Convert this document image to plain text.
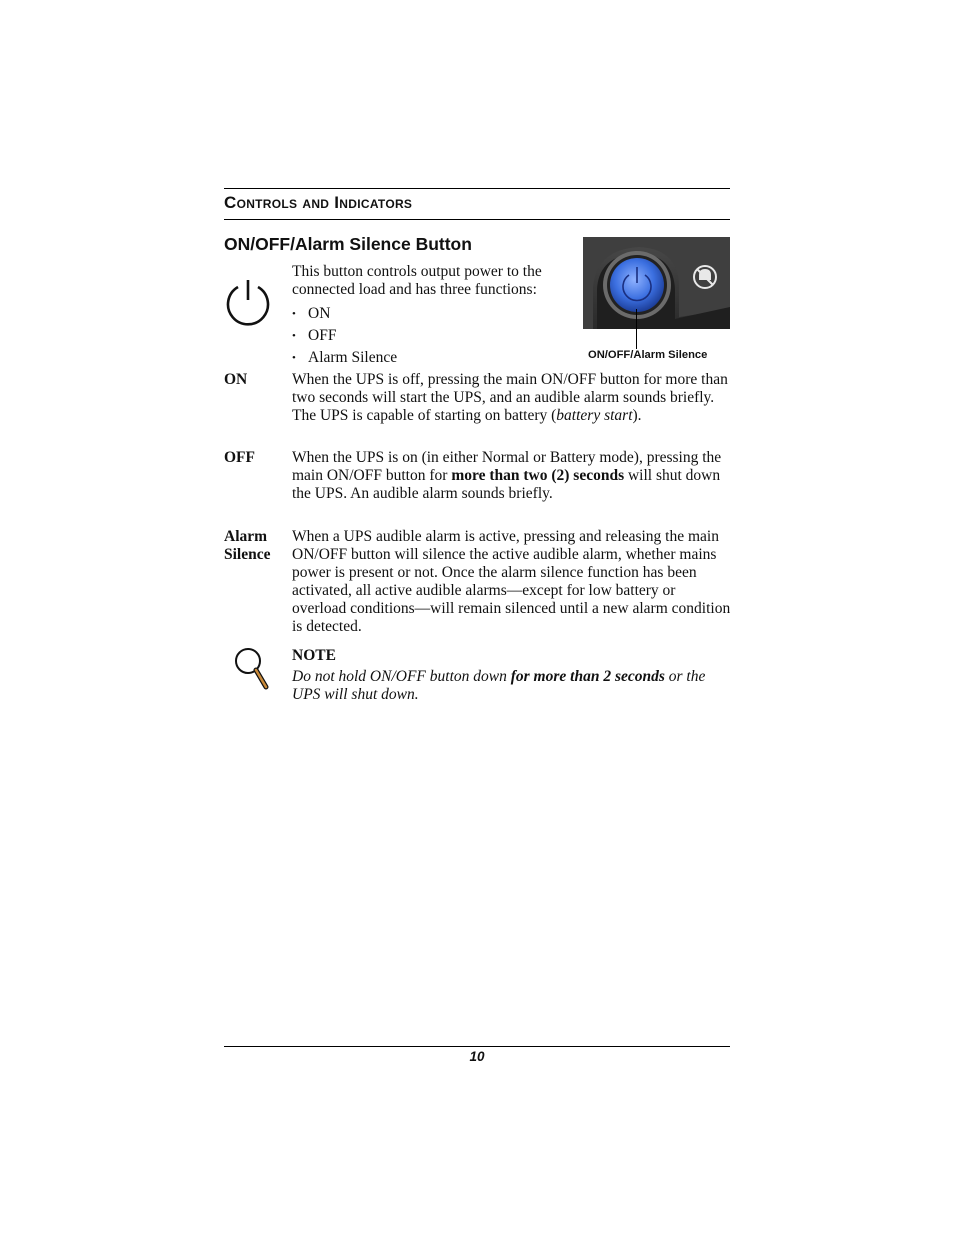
Controls and Indicators
ON/OFF/Alarm Silence Button
This button controls output power to the connected load and has three functions:
• ON
• OFF
• Alarm Silence	ON/OFF/Alarm Silence
ON	When the UPS is off, pressing the main ON/OFF button for more than two seconds will start the UPS, and an audible alarm sounds briefly. The UPS is capable of starting on battery (battery start).
OFF When the UPS is on (in either Normal or Battery mode), pressing the main ON/OFF button for more than two (2) seconds will shut down the UPS. An audible alarm sounds briefly.
Alarm
Silence
When a UPS audible alarm is active, pressing and releasing the main ON/OFF button will silence the active audible alarm, whether mains power is present or not. Once the alarm silence function has been activated, all active audible alarms—except for low battery or overload conditions—will remain silenced until a new alarm condition is detected.
NOTE
Do not hold ON/OFF button down for more than 2 seconds or the UPS will shut down.
10
